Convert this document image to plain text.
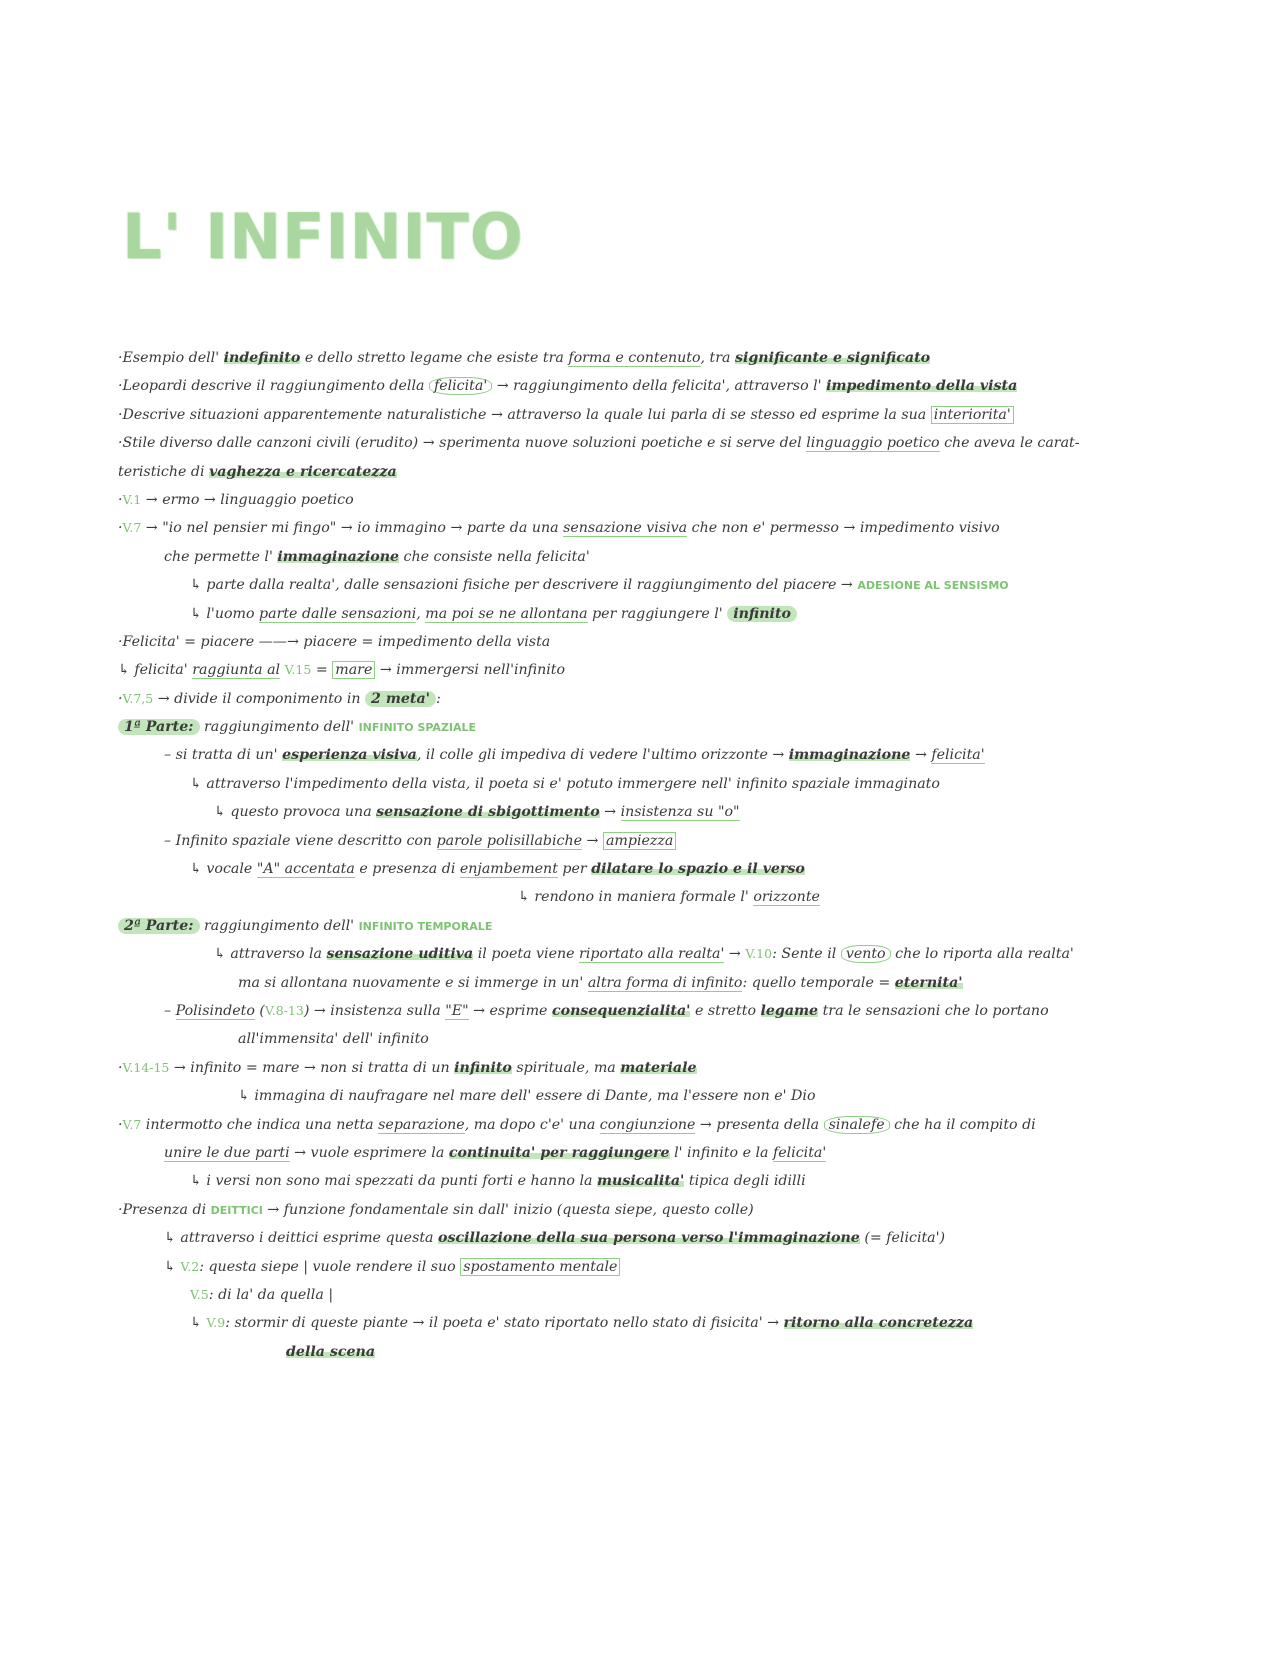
L' INFINITO
·Esempio dell' indefinito e dello stretto legame che esiste tra forma e contenuto, tra significante e significato
·Leopardi descrive il raggiungimento della felicita' → raggiungimento della felicita', attraverso l' impedimento della vista
·Descrive situazioni apparentemente naturalistiche → attraverso la quale lui parla di se stesso ed esprime la sua interiorita'
·Stile diverso dalle canzoni civili (erudito) → sperimenta nuove soluzioni poetiche e si serve del linguaggio poetico che aveva le carat-
teristiche di vaghezza e ricercatezza
·V.1 → ermo → linguaggio poetico
·V.7 → "io nel pensier mi fingo" → io immagino → parte da una sensazione visiva che non e' permesso → impedimento visivo
che permette l' immaginazione che consiste nella felicita'
↳ parte dalla realta', dalle sensazioni fisiche per descrivere il raggiungimento del piacere → ADESIONE AL SENSISMO
↳ l'uomo parte dalle sensazioni, ma poi se ne allontana per raggiungere l' infinito
·Felicita' = piacere ——→ piacere = impedimento della vista
↳ felicita' raggiunta al V.15 = mare → immergersi nell'infinito
·V.7,5 → divide il componimento in 2 meta' :
1ª Parte: raggiungimento dell' INFINITO SPAZIALE
– si tratta di un' esperienza visiva, il colle gli impediva di vedere l'ultimo orizzonte → immaginazione → felicita'
↳ attraverso l'impedimento della vista, il poeta si e' potuto immergere nell' infinito spaziale immaginato
↳ questo provoca una sensazione di sbigottimento → insistenza su "o"
– Infinito spaziale viene descritto con parole polisillabiche → ampiezza
↳ vocale "A" accentata e presenza di enjambement per dilatare lo spazio e il verso
↳ rendono in maniera formale l' orizzonte
2ª Parte: raggiungimento dell' INFINITO TEMPORALE
↳ attraverso la sensazione uditiva il poeta viene riportato alla realta' → V.10: Sente il vento che lo riporta alla realta'
ma si allontana nuovamente e si immerge in un' altra forma di infinito: quello temporale = eternita'
– Polisindeto (V.8-13) → insistenza sulla "E" → esprime consequenzialita' e stretto legame tra le sensazioni che lo portano
all'immensita' dell' infinito
·V.14-15 → infinito = mare → non si tratta di un infinito spirituale, ma materiale
↳ immagina di naufragare nel mare dell' essere di Dante, ma l'essere non e' Dio
·V.7 intermotto che indica una netta separazione, ma dopo c'e' una congiunzione → presenta della sinalefe che ha il compito di
unire le due parti → vuole esprimere la continuita' per raggiungere l' infinito e la felicita'
↳ i versi non sono mai spezzati da punti forti e hanno la musicalita' tipica degli idilli
·Presenza di DEITTICI → funzione fondamentale sin dall' inizio (questa siepe, questo colle)
↳ attraverso i deittici esprime questa oscillazione della sua persona verso l'immaginazione (= felicita')
↳ V.2: questa siepe | vuole rendere il suo spostamento mentale
V.5: di la' da quella |
↳ V.9: stormir di queste piante → il poeta e' stato riportato nello stato di fisicita' → ritorno alla concretezza
della scena
